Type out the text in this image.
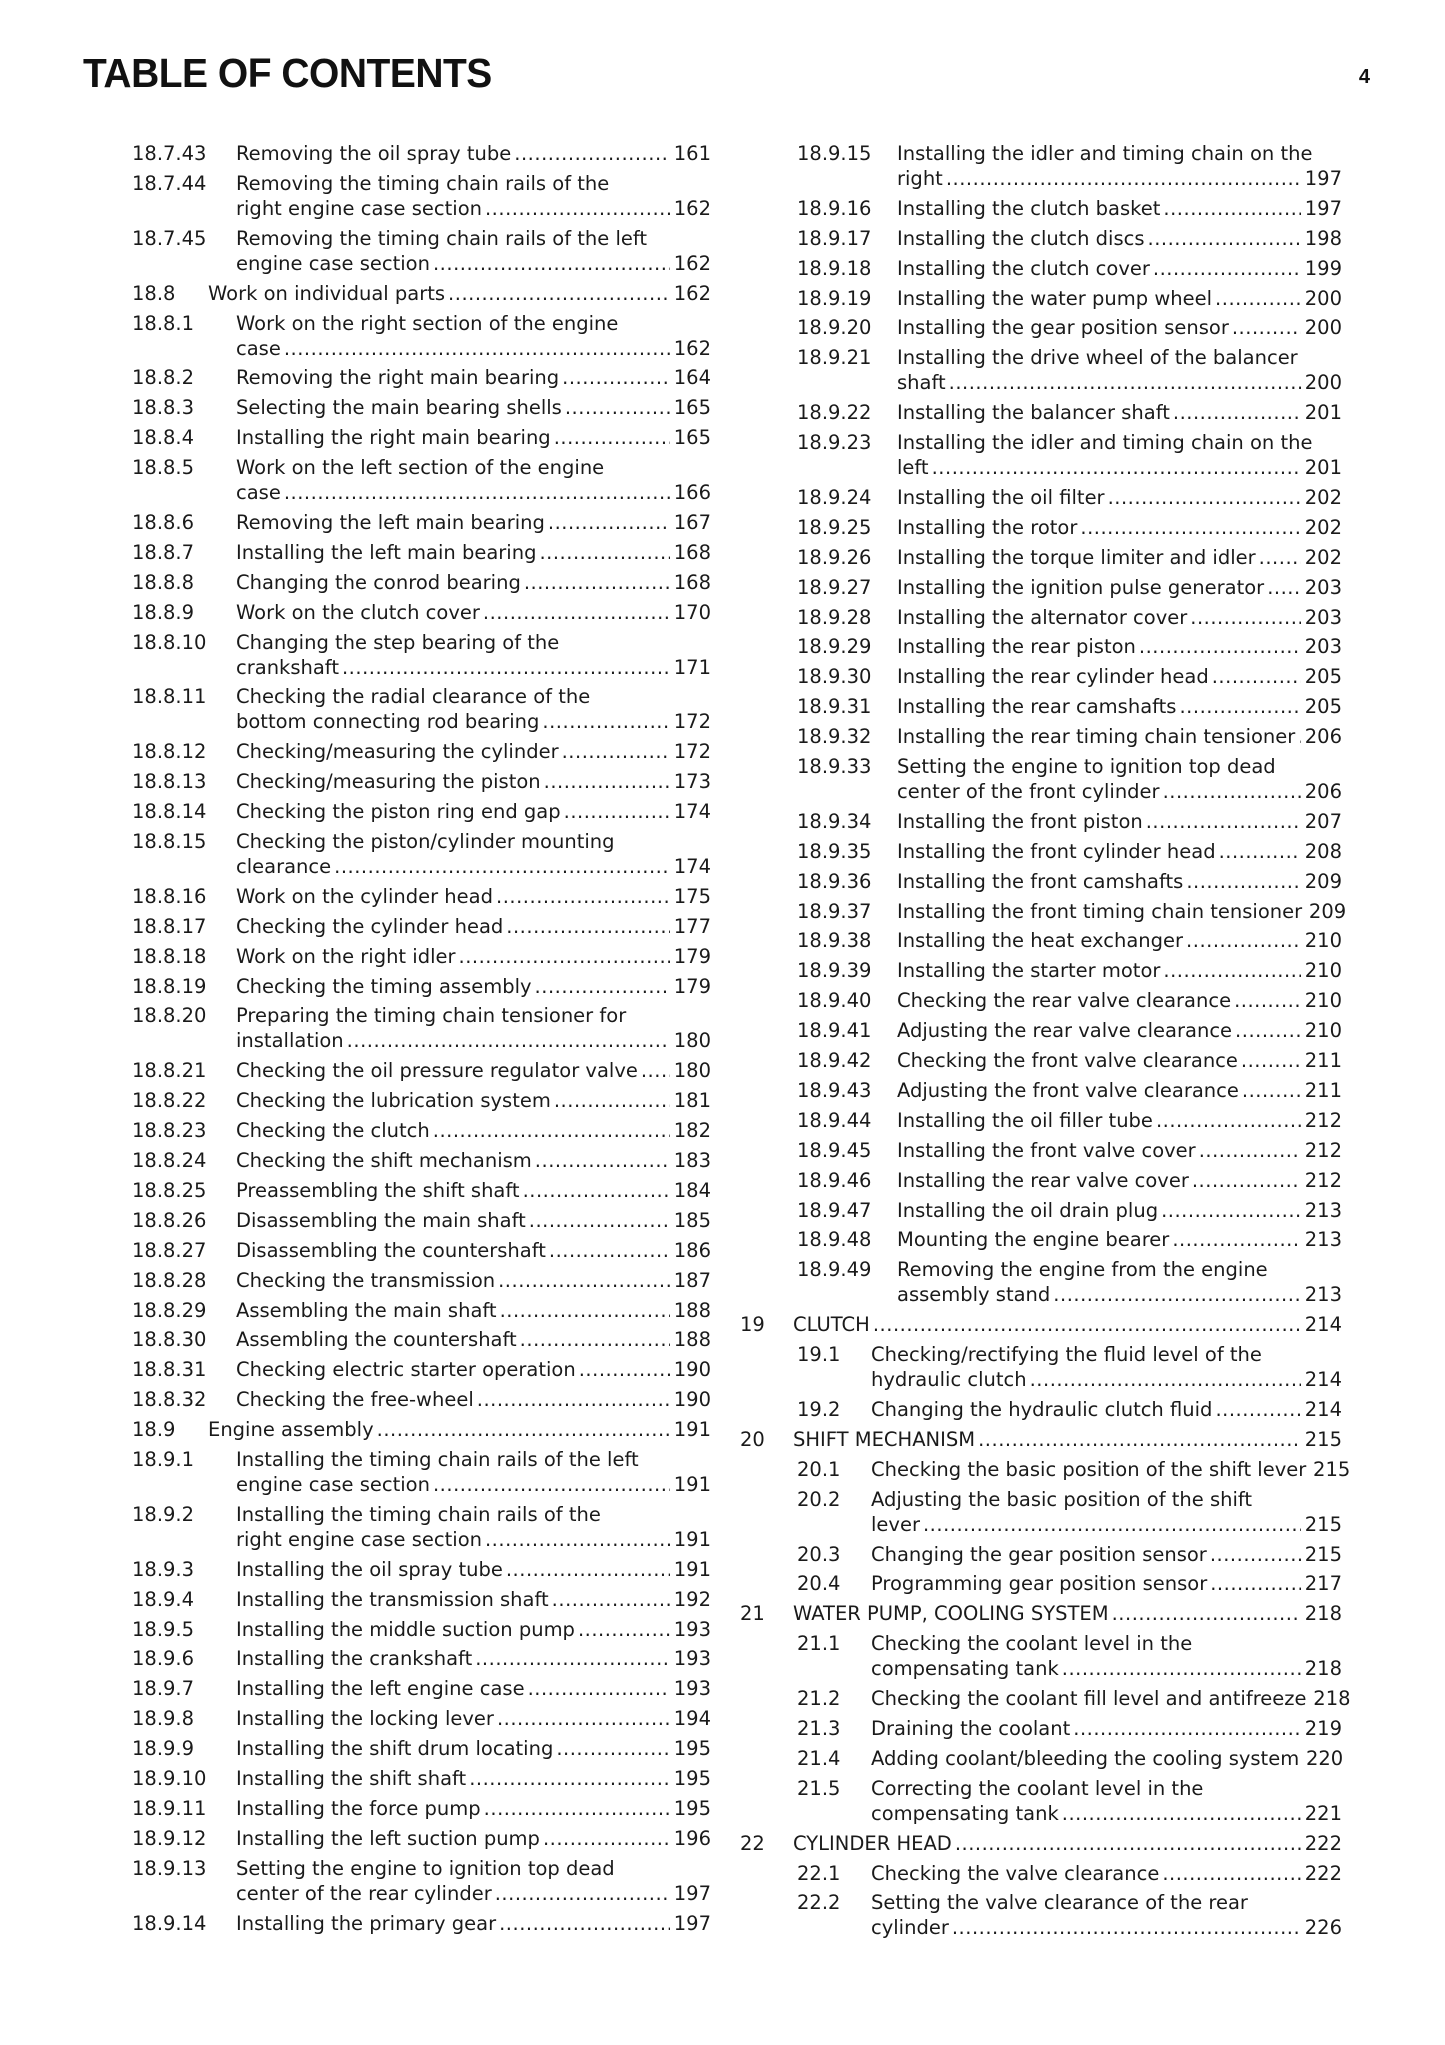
TABLE OF CONTENTS	4
18.7.43 Removing the oil spray tube .....	161
18.7.44 Removing the timing chain rails of the
right engine case section .....	162
18.7.45 Removing the timing chain rails of the left
engine case section .....	162
18.8 Work on individual parts .....	162
18.8.1 Work on the right section of the engine
case .....	162
18.8.2 Removing the right main bearing .....	164
18.8.3 Selecting the main bearing shells .....	165
18.8.4 Installing the right main bearing .....	165
18.8.5 Work on the left section of the engine
case .....	166
18.8.6 Removing the left main bearing .....	167
18.8.7 Installing the left main bearing .....	168
18.8.8 Changing the conrod bearing .....	168
18.8.9 Work on the clutch cover .....	170
18.8.10 Changing the step bearing of the
crankshaft .....	171
18.8.11 Checking the radial clearance of the
bottom connecting rod bearing .....	172
18.8.12 Checking/measuring the cylinder .....	172
18.8.13 Checking/measuring the piston .....	173
18.8.14 Checking the piston ring end gap .....	174
18.8.15 Checking the piston/cylinder mounting
clearance .....	174
18.8.16 Work on the cylinder head .....	175
18.8.17 Checking the cylinder head .....	177
18.8.18 Work on the right idler .....	179
18.8.19 Checking the timing assembly .....	179
18.8.20 Preparing the timing chain tensioner for
installation .....	180
18.8.21 Checking the oil pressure regulator valve ..... 180
18.8.22 Checking the lubrication system .....	181
18.8.23 Checking the clutch .....	182
18.8.24 Checking the shift mechanism .....	183
18.8.25 Preassembling the shift shaft .....	184
18.8.26 Disassembling the main shaft .....	185
18.8.27 Disassembling the countershaft .....	186
18.8.28 Checking the transmission .....	187
18.8.29 Assembling the main shaft .....	188
18.8.30 Assembling the countershaft .....	188
18.8.31 Checking electric starter operation .....	190
18.8.32 Checking the free-wheel .....	190
18.9 Engine assembly .....	191
18.9.1 Installing the timing chain rails of the left
engine case section .....	191
18.9.2 Installing the timing chain rails of the
right engine case section .....	191
18.9.3 Installing the oil spray tube .....	191
18.9.4 Installing the transmission shaft .....	192
18.9.5 Installing the middle suction pump .....	193
18.9.6 Installing the crankshaft .....	193
18.9.7 Installing the left engine case .....	193
18.9.8 Installing the locking lever .....	194
18.9.9 Installing the shift drum locating .....	195
18.9.10 Installing the shift shaft .....	195
18.9.11 Installing the force pump .....	195
18.9.12 Installing the left suction pump .....	196
18.9.13 Setting the engine to ignition top dead
center of the rear cylinder .....	197
18.9.14 Installing the primary gear .....	197
18.9.15 Installing the idler and timing chain on the
right .....	197
18.9.16 Installing the clutch basket .....	197
18.9.17 Installing the clutch discs .....	198
18.9.18 Installing the clutch cover .....	199
18.9.19 Installing the water pump wheel .....	200
18.9.20 Installing the gear position sensor .....	200
18.9.21 Installing the drive wheel of the balancer
shaft .....	200
18.9.22 Installing the balancer shaft .....	201
18.9.23 Installing the idler and timing chain on the
left .....	201
18.9.24 Installing the oil filter .....	202
18.9.25 Installing the rotor .....	202
18.9.26 Installing the torque limiter and idler .....	202
18.9.27 Installing the ignition pulse generator ..... 203
18.9.28 Installing the alternator cover .....	203
18.9.29 Installing the rear piston .....	203
18.9.30 Installing the rear cylinder head .....	205
18.9.31 Installing the rear camshafts .....	205
18.9.32 Installing the rear timing chain tensioner ..... 206
18.9.33 Setting the engine to ignition top dead
center of the front cylinder .....	206
18.9.34 Installing the front piston .....	207
18.9.35 Installing the front cylinder head .....	208
18.9.36 Installing the front camshafts .....	209
18.9.37 Installing the front timing chain tensioner 209
18.9.38 Installing the heat exchanger .....	210
18.9.39 Installing the starter motor .....	210
18.9.40 Checking the rear valve clearance .....	210
18.9.41 Adjusting the rear valve clearance .....	210
18.9.42 Checking the front valve clearance .....	211
18.9.43 Adjusting the front valve clearance .....	211
18.9.44 Installing the oil filler tube .....	212
18.9.45 Installing the front valve cover .....	212
18.9.46 Installing the rear valve cover .....	212
18.9.47 Installing the oil drain plug .....	213
18.9.48 Mounting the engine bearer .....	213
18.9.49 Removing the engine from the engine
assembly stand .....	213
19 CLUTCH .....	214
19.1 Checking/rectifying the fluid level of the
hydraulic clutch .....	214
19.2 Changing the hydraulic clutch fluid .....	214
20 SHIFT MECHANISM .....	215
20.1 Checking the basic position of the shift lever 215
20.2 Adjusting the basic position of the shift
lever .....	215
20.3 Changing the gear position sensor .....	215
20.4 Programming gear position sensor .....	217
21 WATER PUMP, COOLING SYSTEM .....	218
21.1 Checking the coolant level in the
compensating tank .....	218
21.2 Checking the coolant fill level and antifreeze 218
21.3 Draining the coolant .....	219
21.4 Adding coolant/bleeding the cooling system 220
21.5 Correcting the coolant level in the
compensating tank .....	221
22 CYLINDER HEAD .....	222
22.1 Checking the valve clearance .....	222
22.2 Setting the valve clearance of the rear
cylinder .....	226
